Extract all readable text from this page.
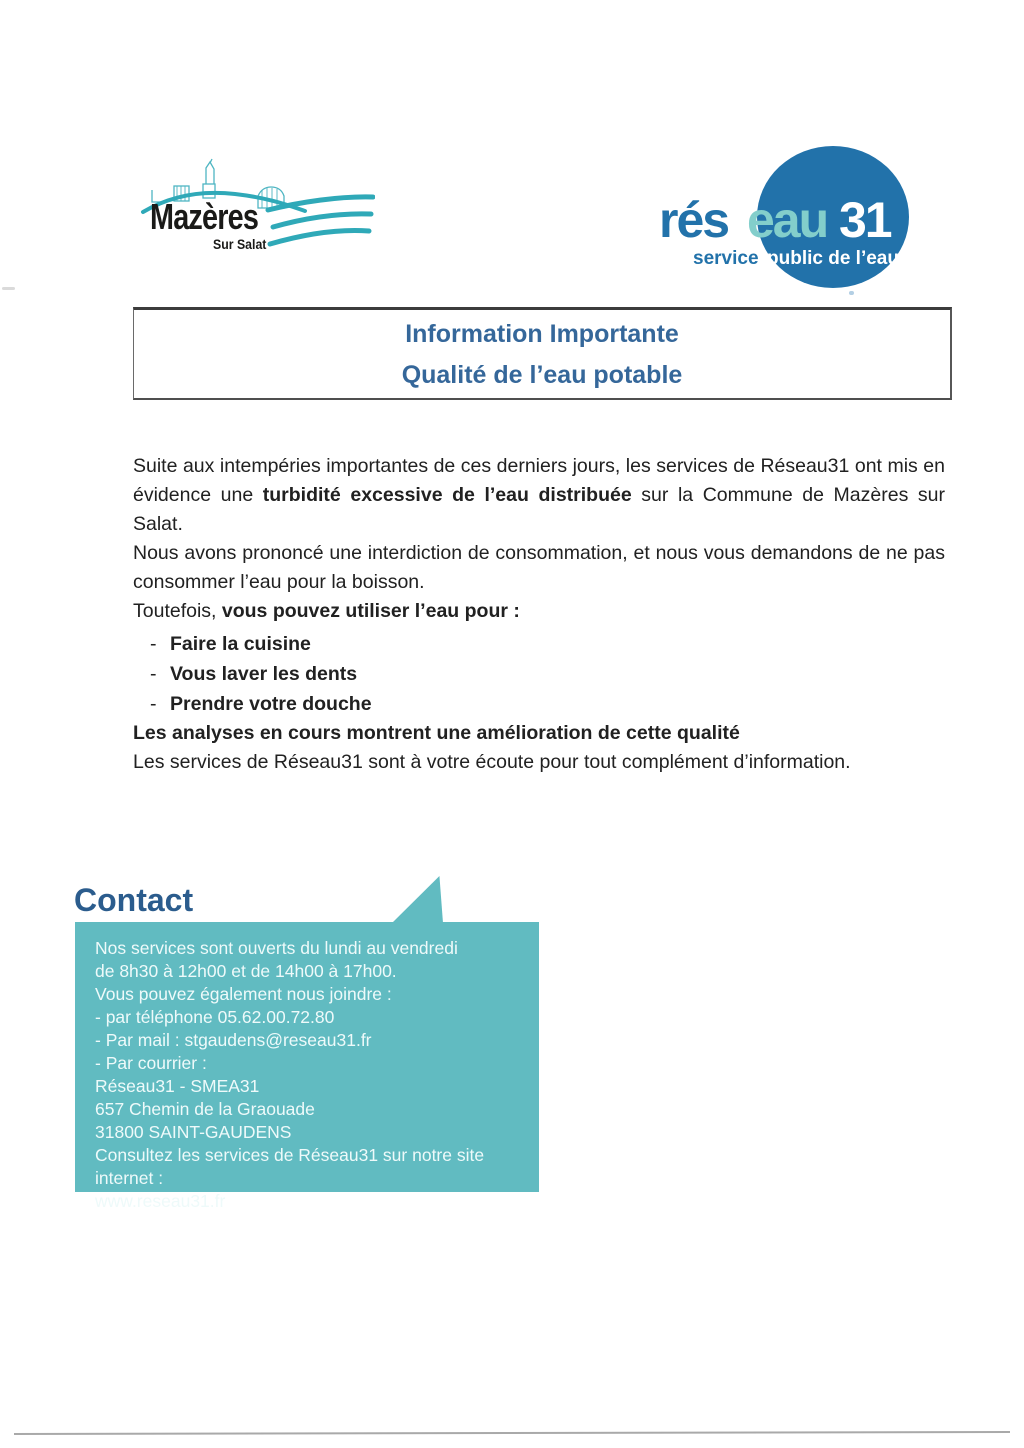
Mazères
Sur Salat	rés eau 31
service public de l’eau
Information Importante
Qualité de l’eau potable

Suite aux intempéries importantes de ces derniers jours, les services de Réseau31 ont mis en évidence une turbidité excessive de l’eau distribuée sur la Commune de Mazères sur Salat.

Nous avons prononcé une interdiction de consommation, et nous vous demandons de ne pas consommer l’eau pour la boisson.

Toutefois, vous pouvez utiliser l’eau pour :

- Faire la cuisine
- Vous laver les dents
- Prendre votre douche

Les analyses en cours montrent une amélioration de cette qualité

Les services de Réseau31 sont à votre écoute pour tout complément d’information.

Contact
Nos services sont ouverts du lundi au vendredi
de 8h30 à 12h00 et de 14h00 à 17h00.
Vous pouvez également nous joindre :
- par téléphone 05.62.00.72.80
- Par mail : stgaudens@reseau31.fr
- Par courrier :
Réseau31 - SMEA31
657 Chemin de la Graouade
31800 SAINT-GAUDENS
Consultez les services de Réseau31 sur notre site internet :
www.reseau31.fr
